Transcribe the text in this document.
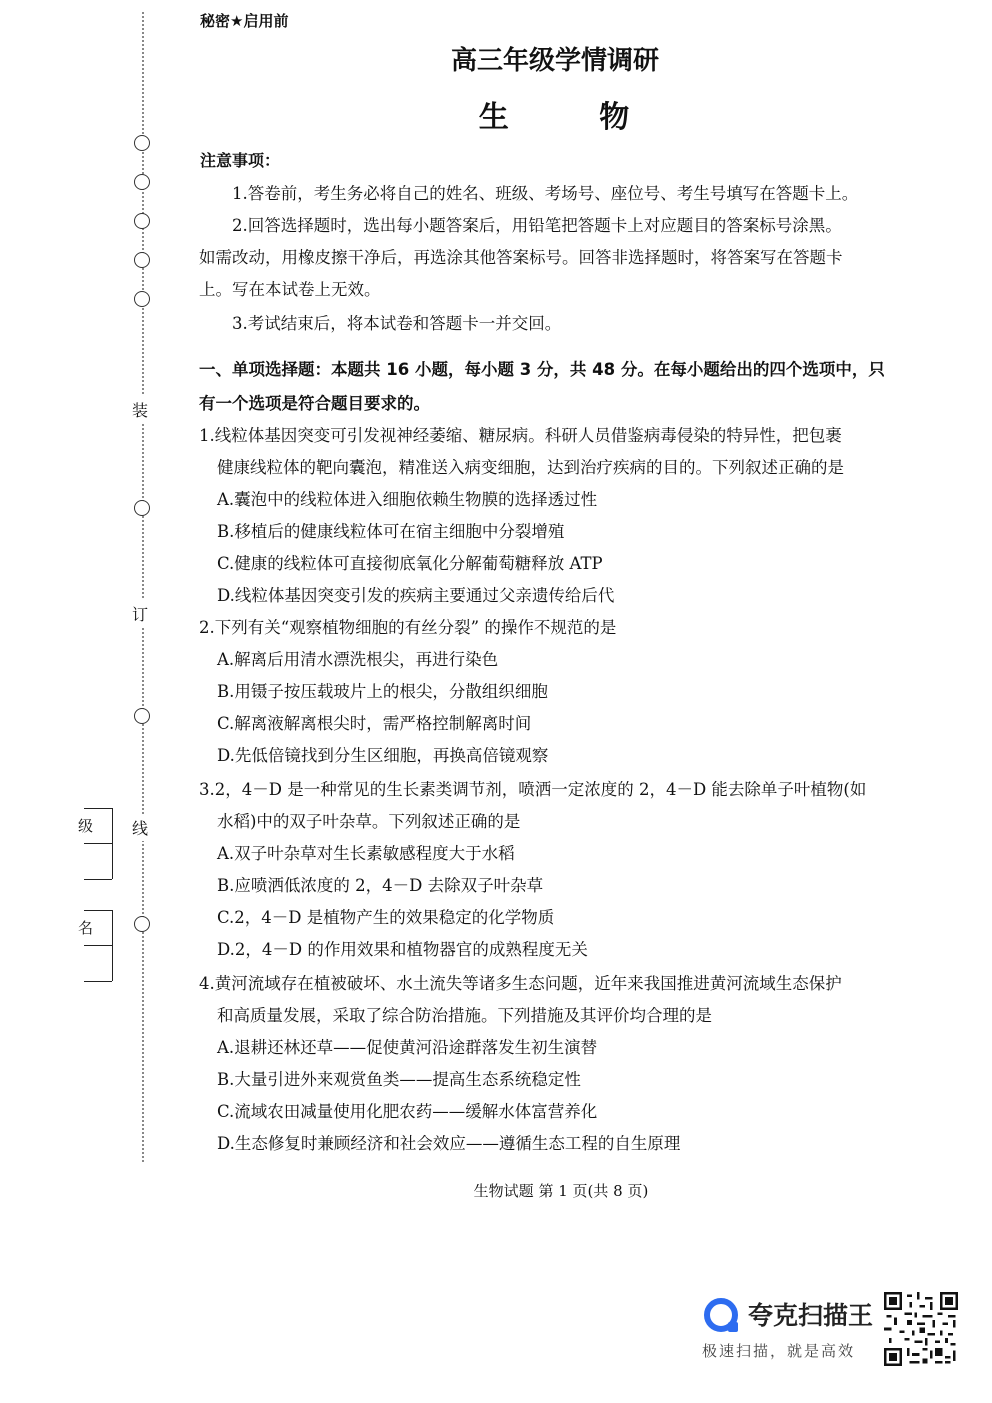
装
订
线
级
名
秘密★启用前
高三年级学情调研
生 物
注意事项：
1.答卷前，考生务必将自己的姓名、班级、考场号、座位号、考生号填写在答题卡上。
2.回答选择题时，选出每小题答案后，用铅笔把答题卡上对应题目的答案标号涂黑。
如需改动，用橡皮擦干净后，再选涂其他答案标号。回答非选择题时，将答案写在答题卡
上。写在本试卷上无效。
3.考试结束后，将本试卷和答题卡一并交回。
一、单项选择题：本题共 16 小题，每小题 3 分，共 48 分。在每小题给出的四个选项中，只
有一个选项是符合题目要求的。
1.线粒体基因突变可引发视神经萎缩、糖尿病。科研人员借鉴病毒侵染的特异性，把包裹
健康线粒体的靶向囊泡，精准送入病变细胞，达到治疗疾病的目的。下列叙述正确的是
A.囊泡中的线粒体进入细胞依赖生物膜的选择透过性
B.移植后的健康线粒体可在宿主细胞中分裂增殖
C.健康的线粒体可直接彻底氧化分解葡萄糖释放 ATP
D.线粒体基因突变引发的疾病主要通过父亲遗传给后代
2.下列有关“观察植物细胞的有丝分裂” 的操作不规范的是
A.解离后用清水漂洗根尖，再进行染色
B.用镊子按压载玻片上的根尖，分散组织细胞
C.解离液解离根尖时，需严格控制解离时间
D.先低倍镜找到分生区细胞，再换高倍镜观察
3.2，4－D 是一种常见的生长素类调节剂，喷洒一定浓度的 2，4－D 能去除单子叶植物(如
水稻)中的双子叶杂草。下列叙述正确的是
A.双子叶杂草对生长素敏感程度大于水稻
B.应喷洒低浓度的 2，4－D 去除双子叶杂草
C.2，4－D 是植物产生的效果稳定的化学物质
D.2，4－D 的作用效果和植物器官的成熟程度无关
4.黄河流域存在植被破坏、水土流失等诸多生态问题，近年来我国推进黄河流域生态保护
和高质量发展，采取了综合防治措施。下列措施及其评价均合理的是
A.退耕还林还草——促使黄河沿途群落发生初生演替
B.大量引进外来观赏鱼类——提高生态系统稳定性
C.流域农田减量使用化肥农药——缓解水体富营养化
D.生态修复时兼顾经济和社会效应——遵循生态工程的自生原理
生物试题 第 1 页(共 8 页)
夸克扫描王
极速扫描，就是高效
